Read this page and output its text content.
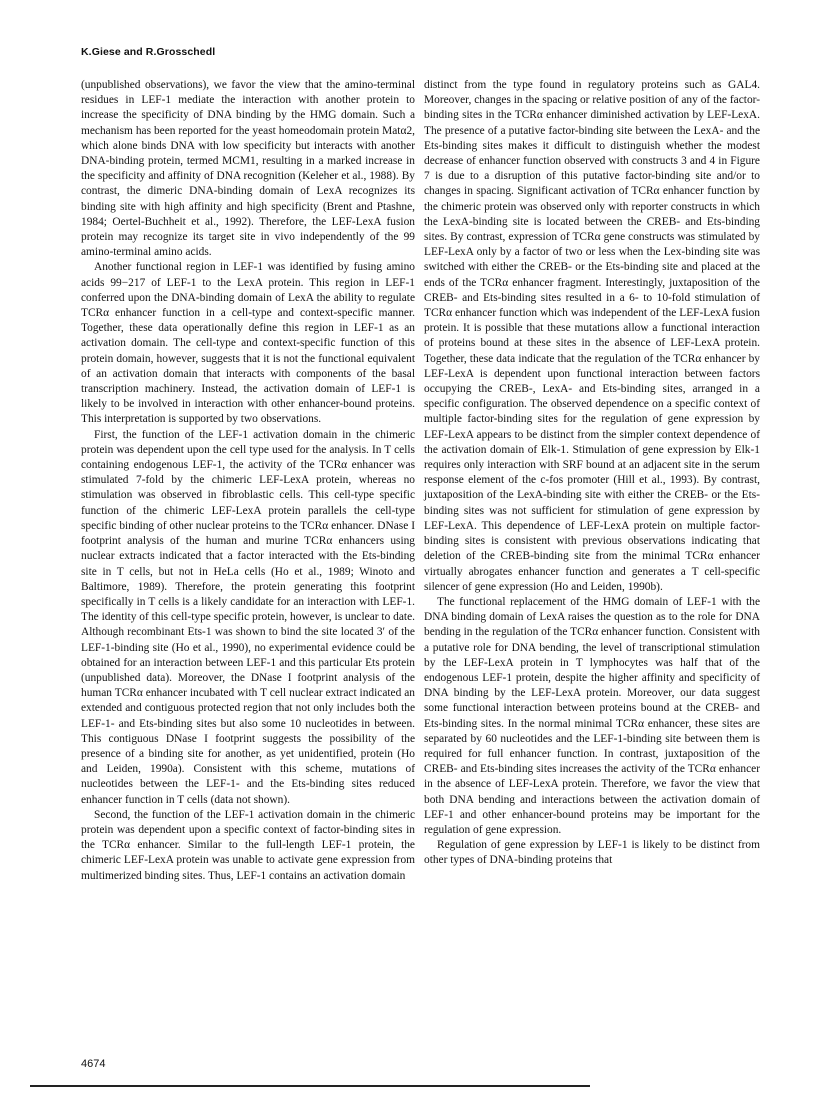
K.Giese and R.Grosschedl

(unpublished observations), we favor the view that the amino-terminal residues in LEF-1 mediate the interaction with another protein to increase the specificity of DNA binding by the HMG domain. Such a mechanism has been reported for the yeast homeodomain protein Matα2, which alone binds DNA with low specificity but interacts with another DNA-binding protein, termed MCM1, resulting in a marked increase in the specificity and affinity of DNA recognition (Keleher et al., 1988). By contrast, the dimeric DNA-binding domain of LexA recognizes its binding site with high affinity and high specificity (Brent and Ptashne, 1984; Oertel-Buchheit et al., 1992). Therefore, the LEF-LexA fusion protein may recognize its target site in vivo independently of the 99 amino-terminal amino acids.

Another functional region in LEF-1 was identified by fusing amino acids 99−217 of LEF-1 to the LexA protein. This region in LEF-1 conferred upon the DNA-binding domain of LexA the ability to regulate TCRα enhancer function in a cell-type and context-specific manner. Together, these data operationally define this region in LEF-1 as an activation domain. The cell-type and context-specific function of this protein domain, however, suggests that it is not the functional equivalent of an activation domain that interacts with components of the basal transcription machinery. Instead, the activation domain of LEF-1 is likely to be involved in interaction with other enhancer-bound proteins. This interpretation is supported by two observations.

First, the function of the LEF-1 activation domain in the chimeric protein was dependent upon the cell type used for the analysis. In T cells containing endogenous LEF-1, the activity of the TCRα enhancer was stimulated 7-fold by the chimeric LEF-LexA protein, whereas no stimulation was observed in fibroblastic cells. This cell-type specific function of the chimeric LEF-LexA protein parallels the cell-type specific binding of other nuclear proteins to the TCRα enhancer. DNase I footprint analysis of the human and murine TCRα enhancers using nuclear extracts indicated that a factor interacted with the Ets-binding site in T cells, but not in HeLa cells (Ho et al., 1989; Winoto and Baltimore, 1989). Therefore, the protein generating this footprint specifically in T cells is a likely candidate for an interaction with LEF-1. The identity of this cell-type specific protein, however, is unclear to date. Although recombinant Ets-1 was shown to bind the site located 3′ of the LEF-1-binding site (Ho et al., 1990), no experimental evidence could be obtained for an interaction between LEF-1 and this particular Ets protein (unpublished data). Moreover, the DNase I footprint analysis of the human TCRα enhancer incubated with T cell nuclear extract indicated an extended and contiguous protected region that not only includes both the LEF-1- and Ets-binding sites but also some 10 nucleotides in between. This contiguous DNase I footprint suggests the possibility of the presence of a binding site for another, as yet unidentified, protein (Ho and Leiden, 1990a). Consistent with this scheme, mutations of nucleotides between the LEF-1- and the Ets-binding sites reduced enhancer function in T cells (data not shown).

Second, the function of the LEF-1 activation domain in the chimeric protein was dependent upon a specific context of factor-binding sites in the TCRα enhancer. Similar to the full-length LEF-1 protein, the chimeric LEF-LexA protein was unable to activate gene expression from multimerized binding sites. Thus, LEF-1 contains an activation domain

distinct from the type found in regulatory proteins such as GAL4. Moreover, changes in the spacing or relative position of any of the factor-binding sites in the TCRα enhancer diminished activation by LEF-LexA. The presence of a putative factor-binding site between the LexA- and the Ets-binding sites makes it difficult to distinguish whether the modest decrease of enhancer function observed with constructs 3 and 4 in Figure 7 is due to a disruption of this putative factor-binding site and/or to changes in spacing. Significant activation of TCRα enhancer function by the chimeric protein was observed only with reporter constructs in which the LexA-binding site is located between the CREB- and Ets-binding sites. By contrast, expression of TCRα gene constructs was stimulated by LEF-LexA only by a factor of two or less when the Lex-binding site was switched with either the CREB- or the Ets-binding site and placed at the ends of the TCRα enhancer fragment. Interestingly, juxtaposition of the CREB- and Ets-binding sites resulted in a 6- to 10-fold stimulation of TCRα enhancer function which was independent of the LEF-LexA fusion protein. It is possible that these mutations allow a functional interaction of proteins bound at these sites in the absence of LEF-LexA protein. Together, these data indicate that the regulation of the TCRα enhancer by LEF-LexA is dependent upon functional interaction between factors occupying the CREB-, LexA- and Ets-binding sites, arranged in a specific configuration. The observed dependence on a specific context of multiple factor-binding sites for the regulation of gene expression by LEF-LexA appears to be distinct from the simpler context dependence of the activation domain of Elk-1. Stimulation of gene expression by Elk-1 requires only interaction with SRF bound at an adjacent site in the serum response element of the c-fos promoter (Hill et al., 1993). By contrast, juxtaposition of the LexA-binding site with either the CREB- or the Ets-binding sites was not sufficient for stimulation of gene expression by LEF-LexA. This dependence of LEF-LexA protein on multiple factor-binding sites is consistent with previous observations indicating that deletion of the CREB-binding site from the minimal TCRα enhancer virtually abrogates enhancer function and generates a T cell-specific silencer of gene expression (Ho and Leiden, 1990b).

The functional replacement of the HMG domain of LEF-1 with the DNA binding domain of LexA raises the question as to the role for DNA bending in the regulation of the TCRα enhancer function. Consistent with a putative role for DNA bending, the level of transcriptional stimulation by the LEF-LexA protein in T lymphocytes was half that of the endogenous LEF-1 protein, despite the higher affinity and specificity of DNA binding by the LEF-LexA protein. Moreover, our data suggest some functional interaction between proteins bound at the CREB- and Ets-binding sites. In the normal minimal TCRα enhancer, these sites are separated by 60 nucleotides and the LEF-1-binding site between them is required for full enhancer function. In contrast, juxtaposition of the CREB- and Ets-binding sites increases the activity of the TCRα enhancer in the absence of LEF-LexA protein. Therefore, we favor the view that both DNA bending and interactions between the activation domain of LEF-1 and other enhancer-bound proteins may be important for the regulation of gene expression.

Regulation of gene expression by LEF-1 is likely to be distinct from other types of DNA-binding proteins that

4674
